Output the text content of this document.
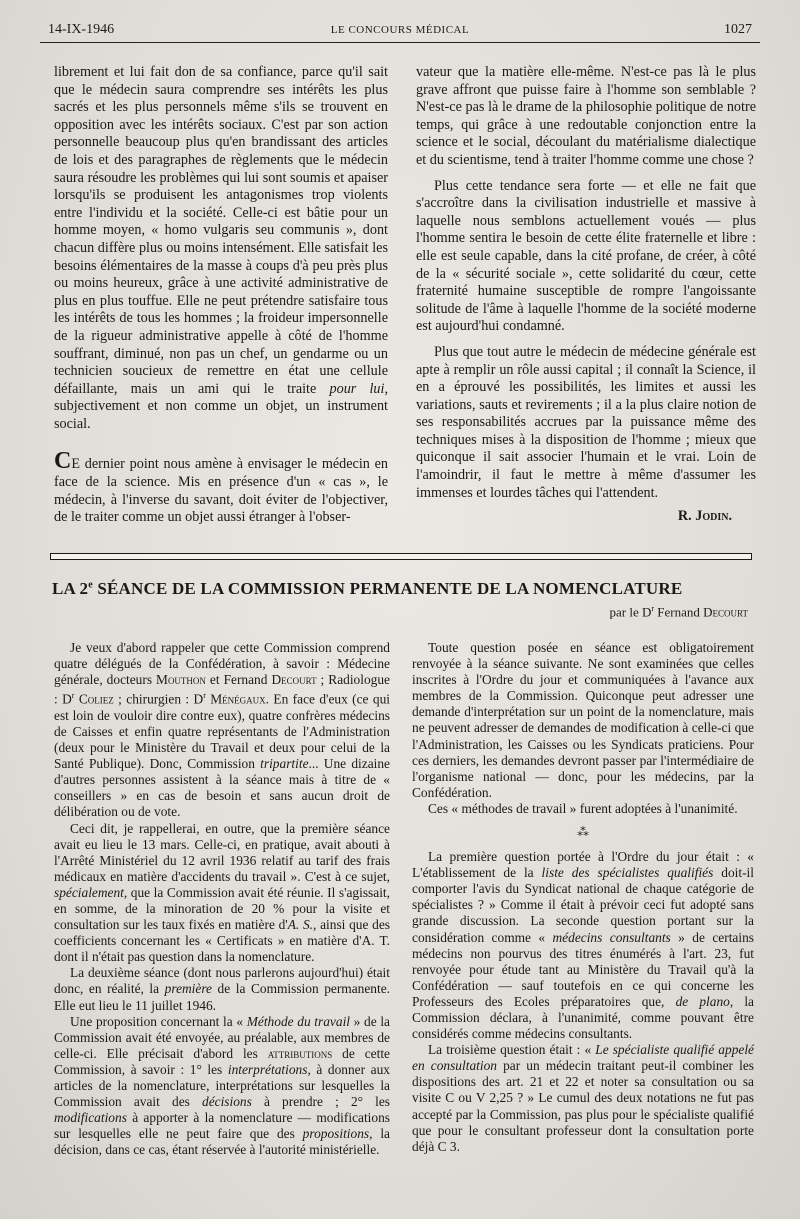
14-IX-1946	LE CONCOURS MÉDICAL	1027

librement et lui fait don de sa confiance, parce qu'il sait que le médecin saura comprendre ses intérêts les plus sacrés et les plus personnels même s'ils se trouvent en opposition avec les intérêts sociaux. C'est par son action personnelle beaucoup plus qu'en brandissant des articles de lois et des paragraphes de règlements que le médecin saura résoudre les problèmes qui lui sont soumis et apaiser lorsqu'ils se produisent les antagonismes trop violents entre l'individu et la société. Celle-ci est bâtie pour un homme moyen, « homo vulgaris seu communis », dont chacun diffère plus ou moins intensément. Elle satisfait les besoins élémentaires de la masse à coups d'à peu près plus ou moins heureux, grâce à une activité administrative de plus en plus touffue. Elle ne peut prétendre satisfaire tous les intérêts de tous les hommes ; la froideur impersonnelle de la rigueur administrative appelle à côté de l'homme souffrant, diminué, non pas un chef, un gendarme ou un technicien soucieux de remettre en état une cellule défaillante, mais un ami qui le traite pour lui, subjectivement et non comme un objet, un instrument social.

CE dernier point nous amène à envisager le médecin en face de la science. Mis en présence d'un « cas », le médecin, à l'inverse du savant, doit éviter de l'objectiver, de le traiter comme un objet aussi étranger à l'obser-

vateur que la matière elle-même. N'est-ce pas là le plus grave affront que puisse faire à l'homme son semblable ? N'est-ce pas là le drame de la philosophie politique de notre temps, qui grâce à une redoutable conjonction entre la science et le social, découlant du matérialisme dialectique et du scientisme, tend à traiter l'homme comme une chose ?

Plus cette tendance sera forte — et elle ne fait que s'accroître dans la civilisation industrielle et massive à laquelle nous semblons actuellement voués — plus l'homme sentira le besoin de cette élite fraternelle et libre : elle est seule capable, dans la cité profane, de créer, à côté de la « sécurité sociale », cette solidarité du cœur, cette fraternité humaine susceptible de rompre l'angoissante solitude de l'âme à laquelle l'homme de la société moderne est aujourd'hui condamné.

Plus que tout autre le médecin de médecine générale est apte à remplir un rôle aussi capital ; il connaît la Science, il en a éprouvé les possibilités, les limites et aussi les variations, sauts et revirements ; il a la plus claire notion de ses responsabilités accrues par la puissance même des techniques mises à la disposition de l'homme ; mieux que quiconque il sait associer l'humain et le vrai. Loin de l'amoindrir, il faut le mettre à même d'assumer les immenses et lourdes tâches qui l'attendent.

R. Jodin.

LA 2e SÉANCE DE LA COMMISSION PERMANENTE DE LA NOMENCLATURE
par le $D^r$ Fernand Decourt

Je veux d'abord rappeler que cette Commission comprend quatre délégués de la Confédération, à savoir : Médecine générale, docteurs Mouthon et Fernand Decourt ; Radiologue : $D^r$ Coliez ; chirurgien : $D^r$ Ménégaux. En face d'eux (ce qui est loin de vouloir dire contre eux), quatre confrères médecins de Caisses et enfin quatre représentants de l'Administration (deux pour le Ministère du Travail et deux pour celui de la Santé Publique). Donc, Commission tripartite... Une dizaine d'autres personnes assistent à la séance mais à titre de « conseillers » en cas de besoin et sans aucun droit de délibération ou de vote.

Ceci dit, je rappellerai, en outre, que la première séance avait eu lieu le 13 mars. Celle-ci, en pratique, avait abouti à l'Arrêté Ministériel du 12 avril 1936 relatif au tarif des frais médicaux en matière d'accidents du travail ». C'est à ce sujet, spécialement, que la Commission avait été réunie. Il s'agissait, en somme, de la minoration de 20 % pour la visite et consultation sur les taux fixés en matière d'A. S., ainsi que des coefficients concernant les « Certificats » en matière d'A. T. dont il n'était pas question dans la nomenclature.

La deuxième séance (dont nous parlerons aujourd'hui) était donc, en réalité, la première de la Commission permanente. Elle eut lieu le 11 juillet 1946.

Une proposition concernant la « Méthode du travail » de la Commission avait été envoyée, au préalable, aux membres de celle-ci. Elle précisait d'abord les attributions de cette Commission, à savoir : 1° les interprétations, à donner aux articles de la nomenclature, interprétations sur lesquelles la Commission avait des décisions à prendre ; 2° les modifications à apporter à la nomenclature — modifications sur lesquelles elle ne peut faire que des propositions, la décision, dans ce cas, étant réservée à l'autorité ministérielle.

Toute question posée en séance est obligatoirement renvoyée à la séance suivante. Ne sont examinées que celles inscrites à l'Ordre du jour et communiquées à l'avance aux membres de la Commission. Quiconque peut adresser une demande d'interprétation sur un point de la nomenclature, mais ne peuvent adresser de demandes de modification à celle-ci que l'Administration, les Caisses ou les Syndicats praticiens. Pour ces derniers, les demandes devront passer par l'intermédiaire de l'organisme national — donc, pour les médecins, par la Confédération.

Ces « méthodes de travail » furent adoptées à l'unanimité.

⁂

La première question portée à l'Ordre du jour était : « L'établissement de la liste des spécialistes qualifiés doit-il comporter l'avis du Syndicat national de chaque catégorie de spécialistes ? » Comme il était à prévoir ceci fut adopté sans grande discussion. La seconde question portant sur la considération comme « médecins consultants » de certains médecins non pourvus des titres énumérés à l'art. 23, fut renvoyée pour étude tant au Ministère du Travail qu'à la Confédération — sauf toutefois en ce qui concerne les Professeurs des Ecoles préparatoires que, de plano, la Commission déclara, à l'unanimité, comme pouvant être considérés comme médecins consultants.

La troisième question était : « Le spécialiste qualifié appelé en consultation par un médecin traitant peut-il combiner les dispositions des art. 21 et 22 et noter sa consultation ou sa visite C ou V 2,25 ? » Le cumul des deux notations ne fut pas accepté par la Commission, pas plus pour le spécialiste qualifié que pour le consultant professeur dont la consultation porte déjà C 3.
